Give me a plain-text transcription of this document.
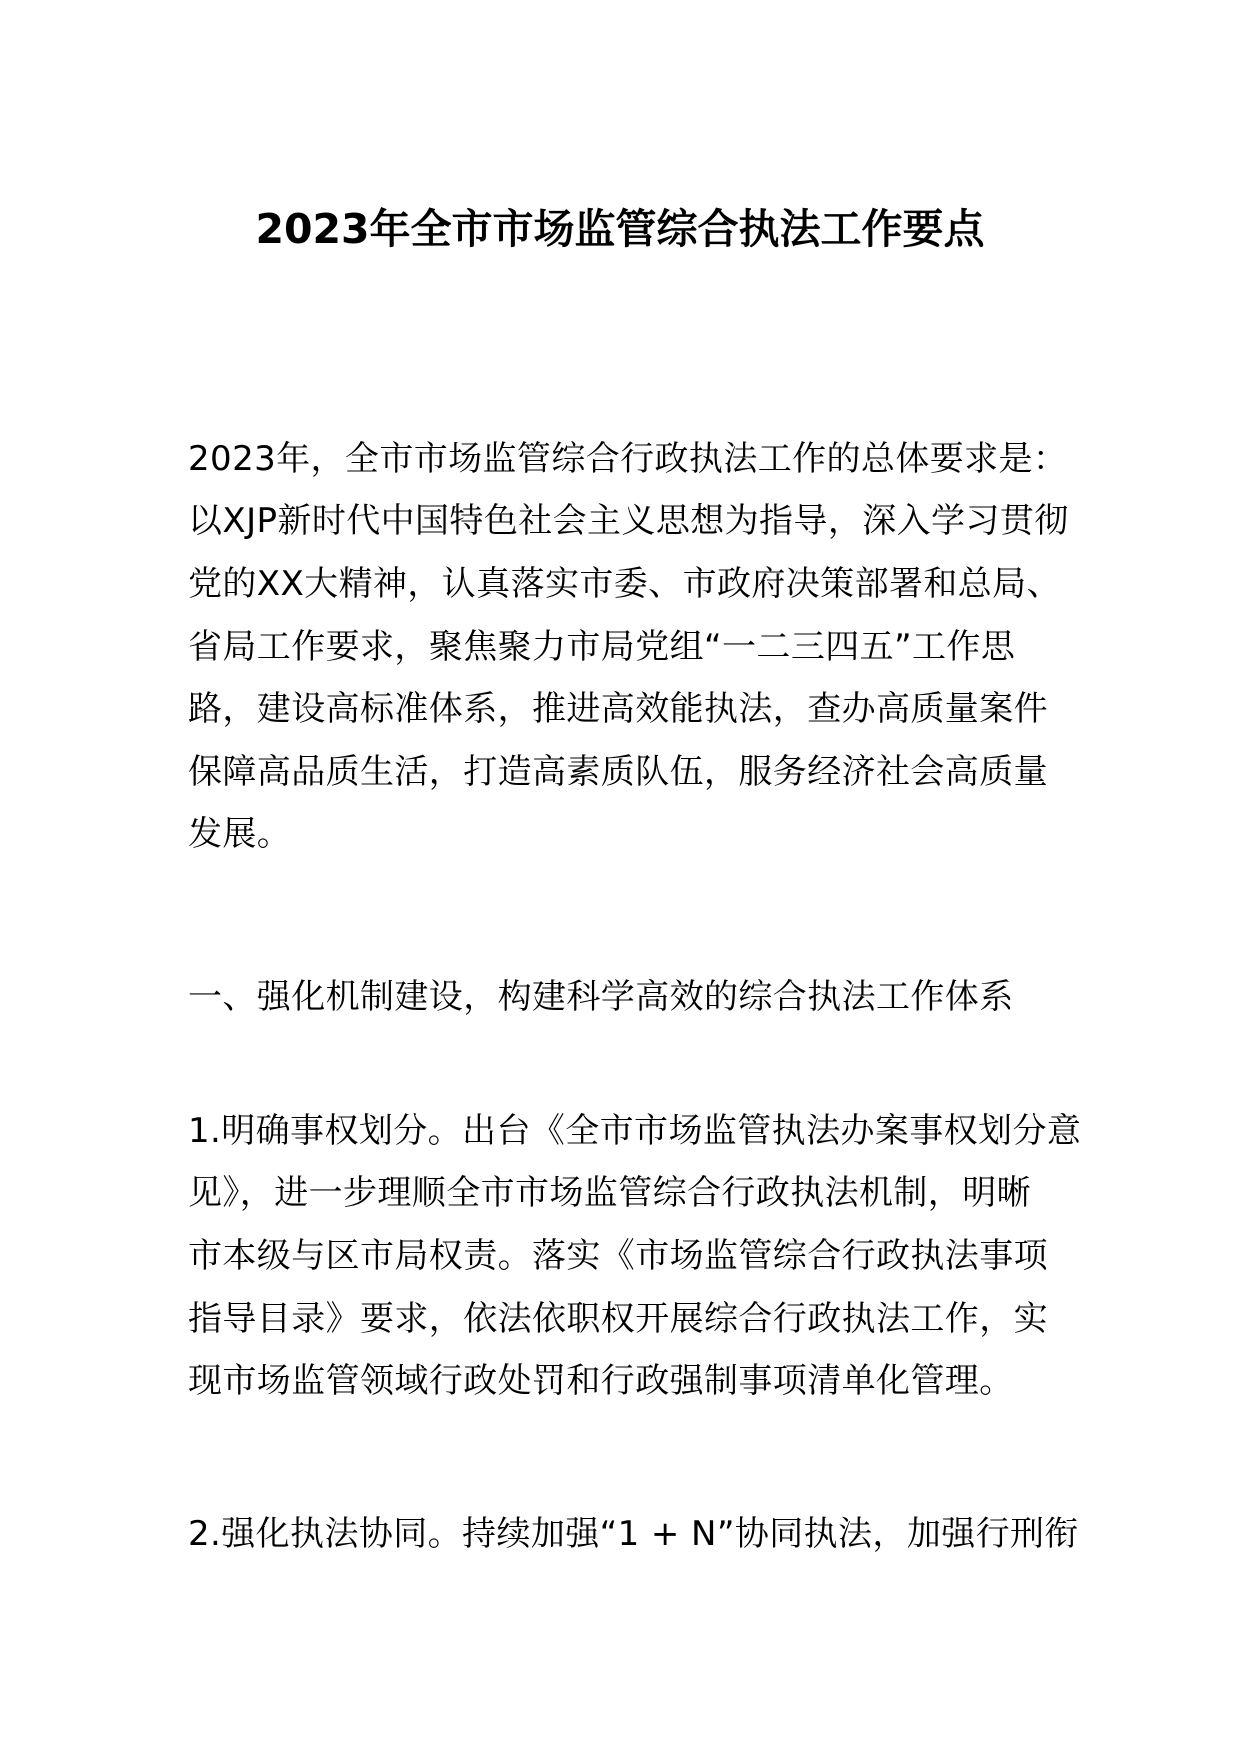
2023年全市市场监管综合执法工作要点
2023年，全市市场监管综合行政执法工作的总体要求是：
以XJP新时代中国特色社会主义思想为指导，深入学习贯彻
党的XX大精神，认真落实市委、市政府决策部署和总局、
省局工作要求，聚焦聚力市局党组“一二三四五”工作思
路，建设高标准体系，推进高效能执法，查办高质量案件
保障高品质生活，打造高素质队伍，服务经济社会高质量
发展。
一、强化机制建设，构建科学高效的综合执法工作体系
1.明确事权划分。出台《全市市场监管执法办案事权划分意
见》，进一步理顺全市市场监管综合行政执法机制，明晰
市本级与区市局权责。落实《市场监管综合行政执法事项
指导目录》要求，依法依职权开展综合行政执法工作，实
现市场监管领域行政处罚和行政强制事项清单化管理。
2.强化执法协同。持续加强“1 + N”协同执法，加强行刑衔
